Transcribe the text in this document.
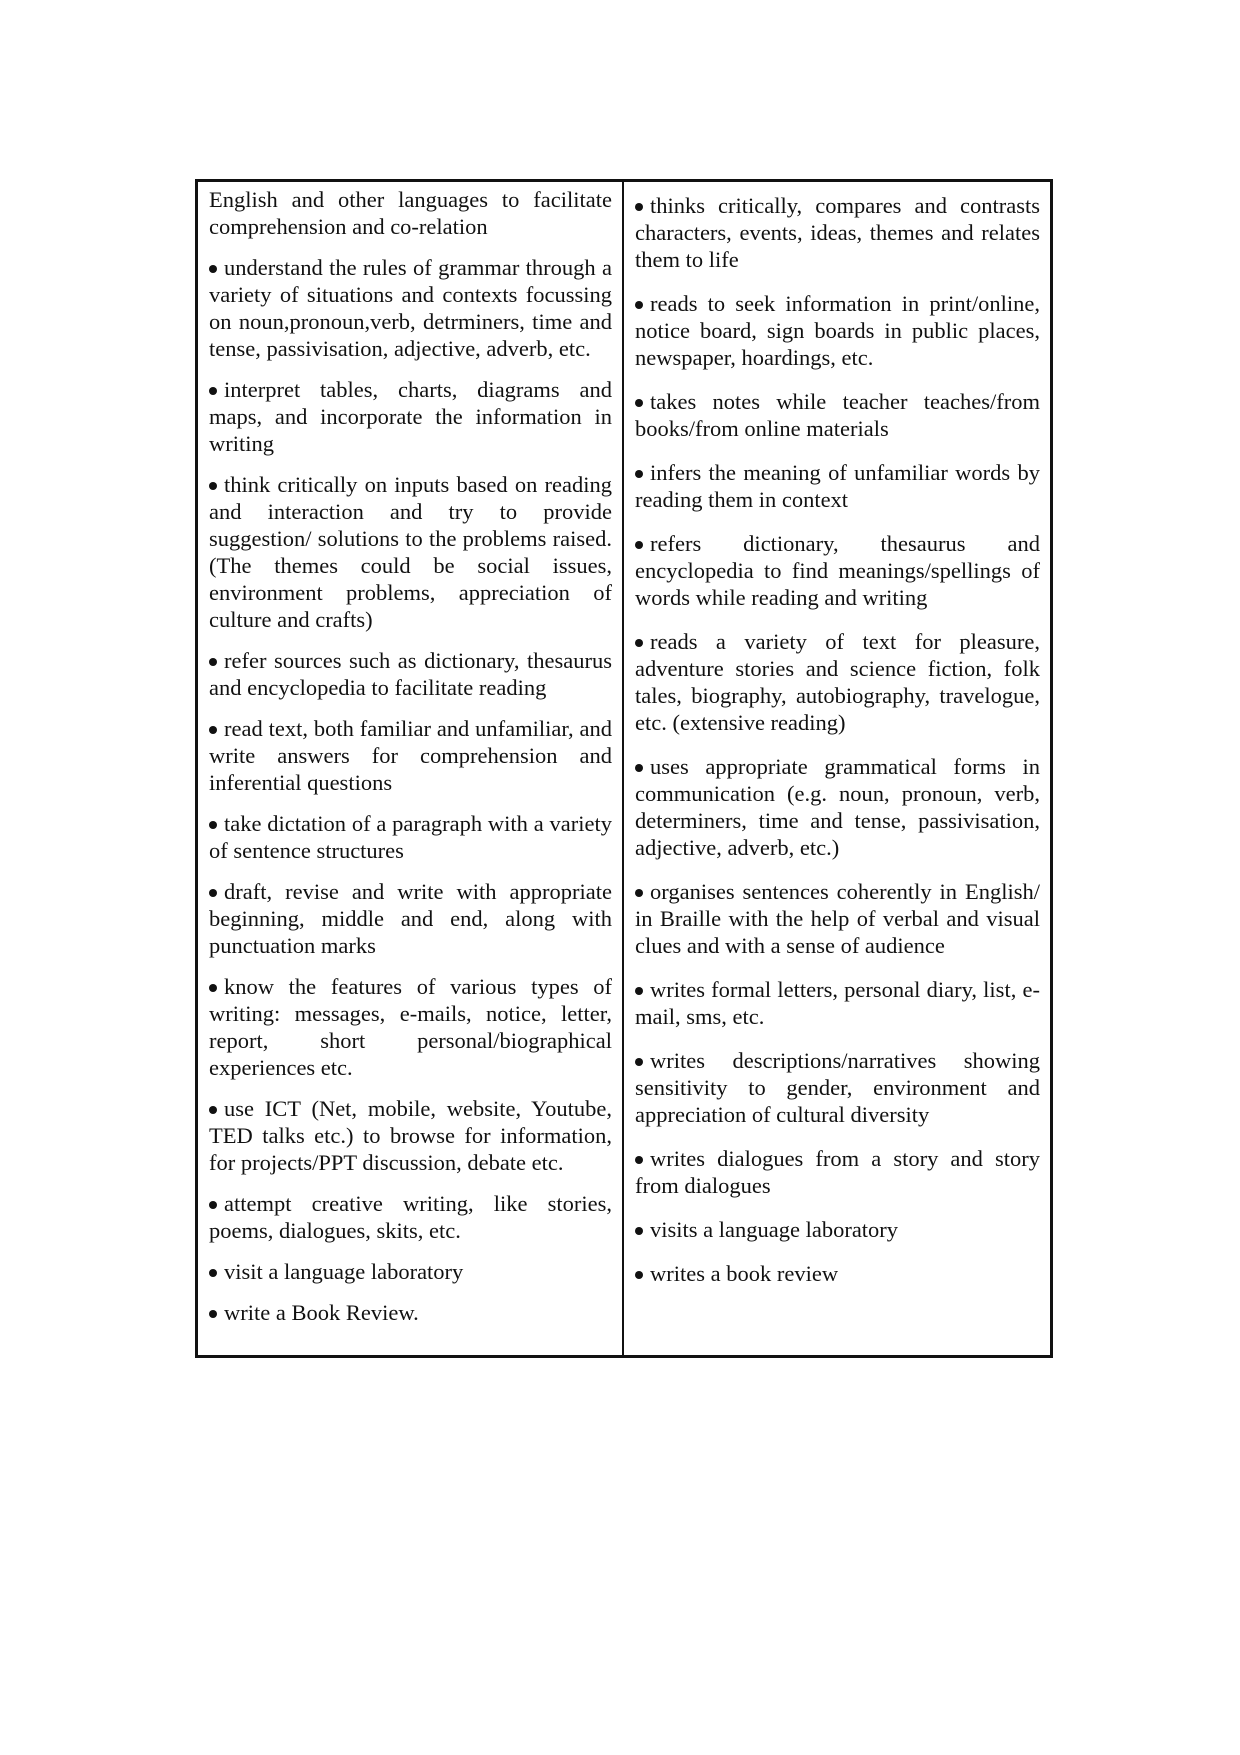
English and other languages to facilitate comprehension and co-relation

understand the rules of grammar through a variety of situations and contexts focussing on noun,pronoun,verb, detrminers, time and tense, passivisation, adjective, adverb, etc.

interpret tables, charts, diagrams and maps, and incorporate the information in writing

think critically on inputs based on reading and interaction and try to provide suggestion/ solutions to the problems raised. (The themes could be social issues, environment problems, appreciation of culture and crafts)

refer sources such as dictionary, thesaurus and encyclopedia to facilitate reading

read text, both familiar and unfamiliar, and write answers for comprehension and inferential questions

take dictation of a paragraph with a variety of sentence structures

draft, revise and write with appropriate beginning, middle and end, along with punctuation marks

know the features of various types of writing: messages, e-mails, notice, letter, report, short personal/biographical experiences etc.

use ICT (Net, mobile, website, Youtube, TED talks etc.) to browse for information, for projects/PPT discussion, debate etc.

attempt creative writing, like stories, poems, dialogues, skits, etc.

visit a language laboratory

write a Book Review.

thinks critically, compares and contrasts characters, events, ideas, themes and relates them to life

reads to seek information in print/online, notice board, sign boards in public places, newspaper, hoardings, etc.

takes notes while teacher teaches/from books/from online materials

infers the meaning of unfamiliar words by reading them in context

refers dictionary, thesaurus and encyclopedia to find meanings/spellings of words while reading and writing

reads a variety of text for pleasure, adventure stories and science fiction, folk tales, biography, autobiography, travelogue, etc. (extensive reading)

uses appropriate grammatical forms in communication (e.g. noun, pronoun, verb, determiners, time and tense, passivisation, adjective, adverb, etc.)

organises sentences coherently in English/ in Braille with the help of verbal and visual clues and with a sense of audience

writes formal letters, personal diary, list, e-mail, sms, etc.

writes descriptions/narratives showing sensitivity to gender, environment and appreciation of cultural diversity

writes dialogues from a story and story from dialogues

visits a language laboratory

writes a book review
